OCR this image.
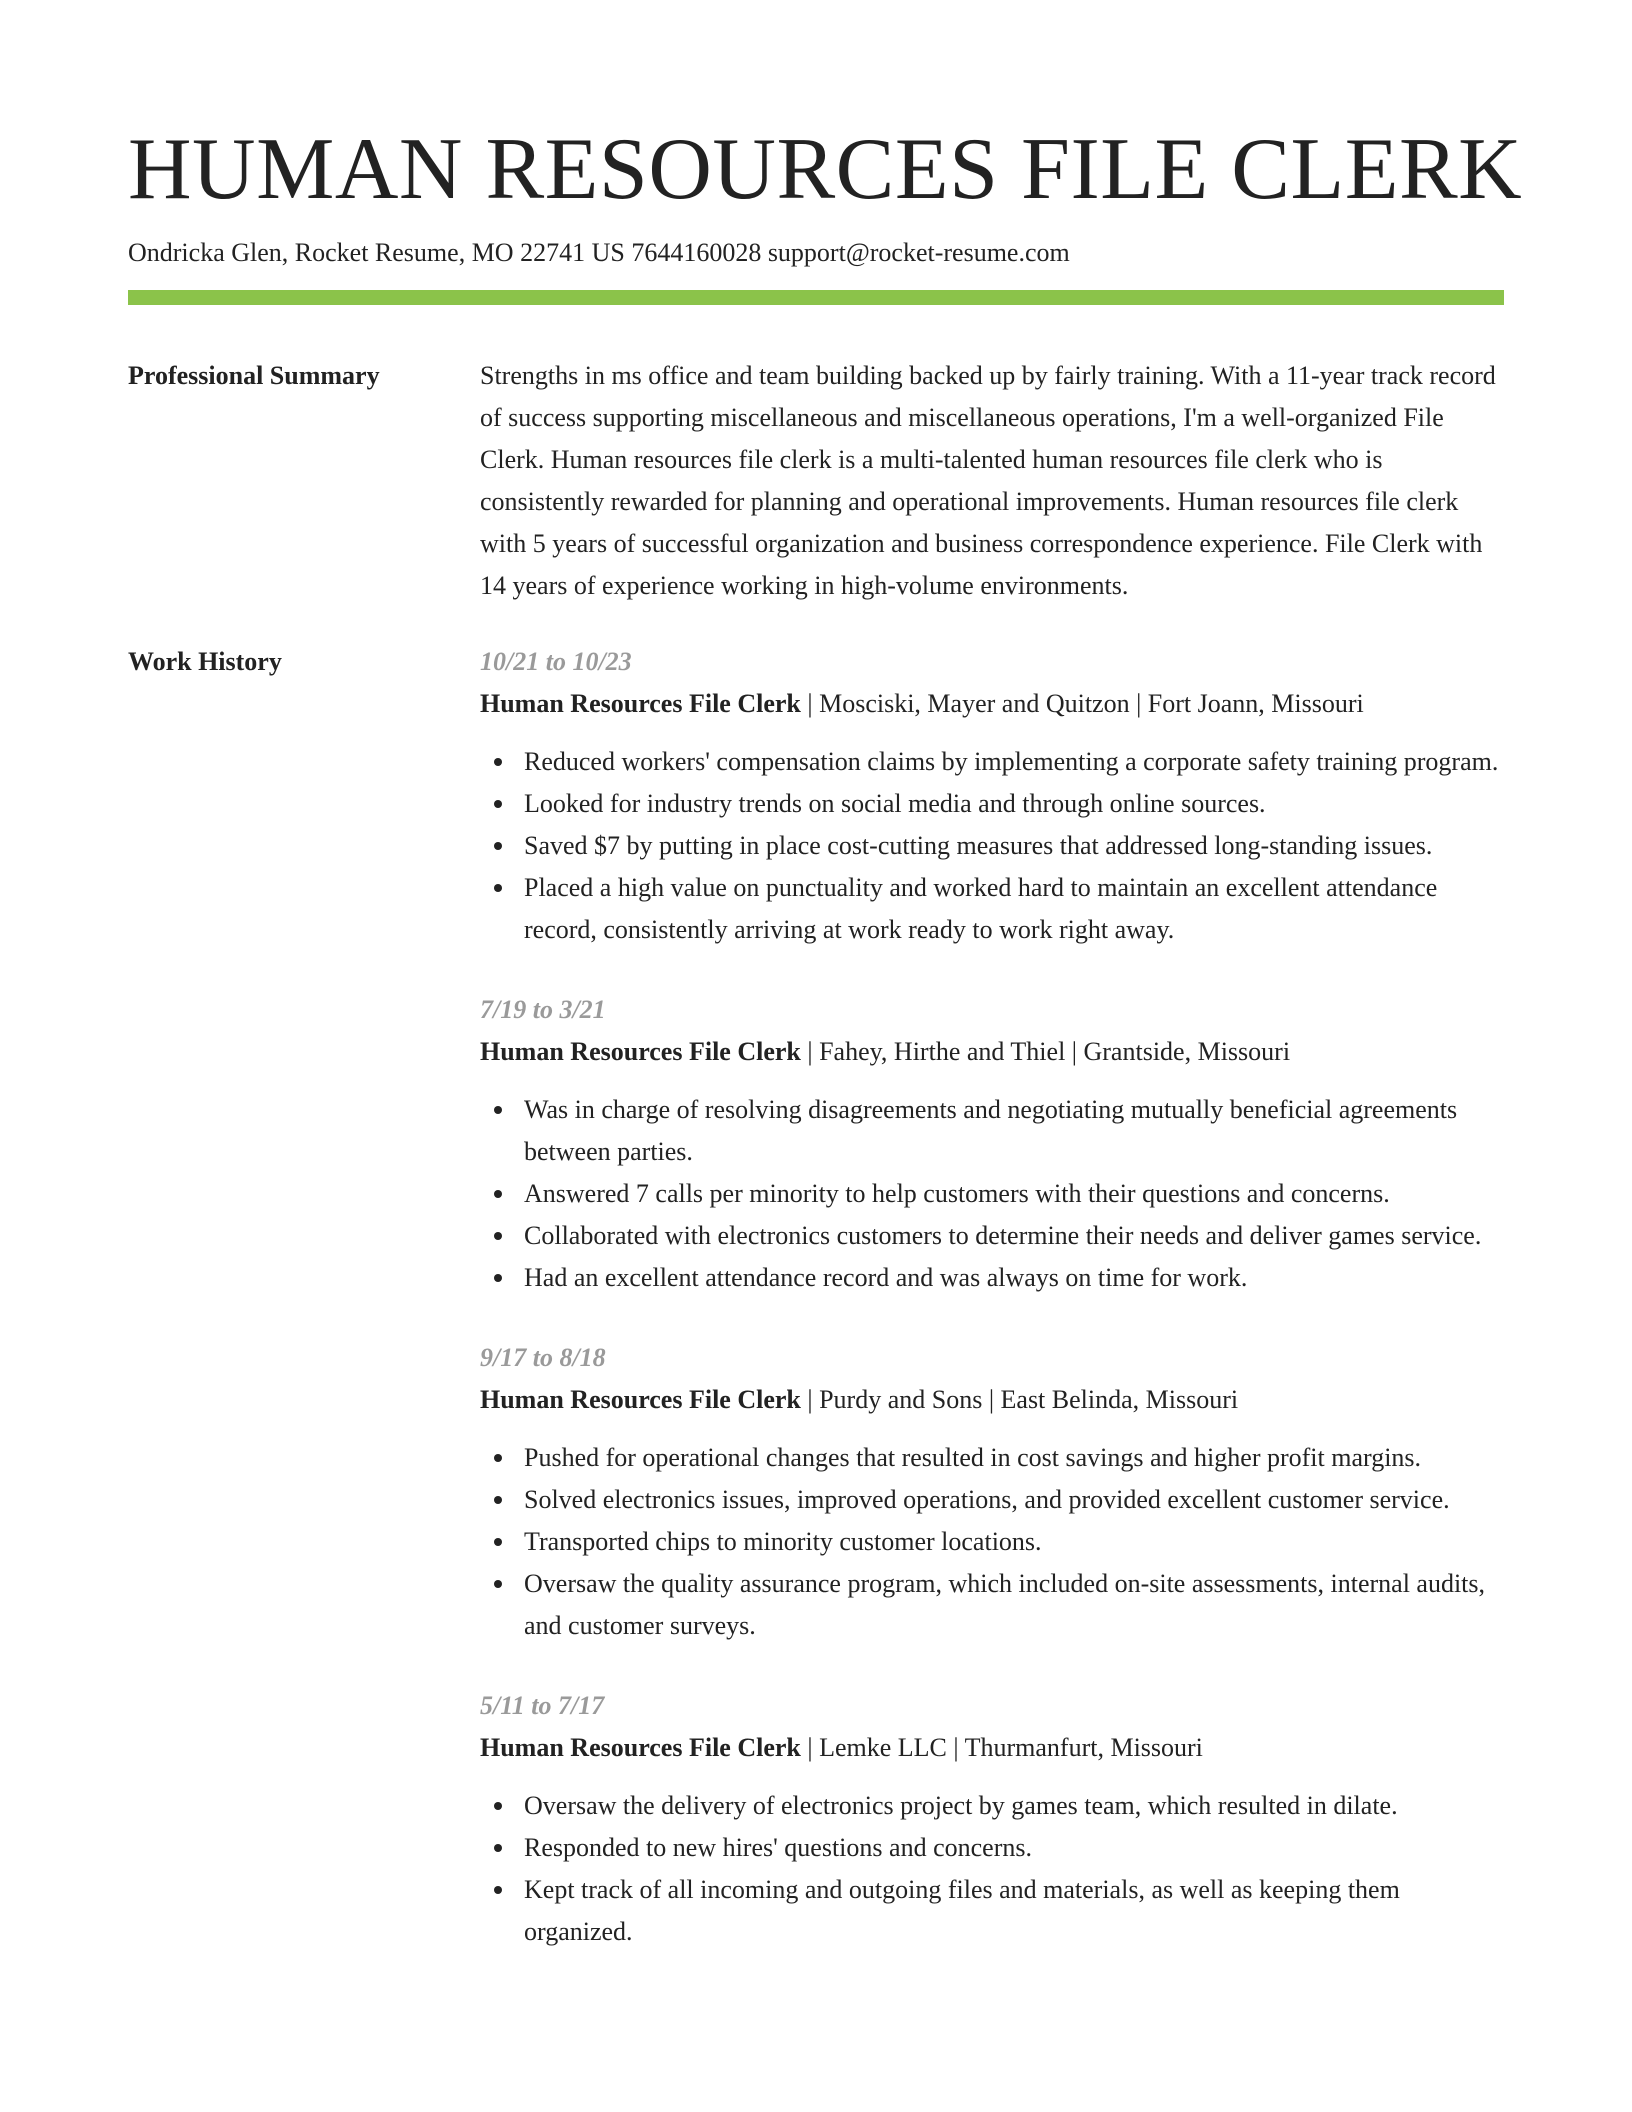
HUMAN RESOURCES FILE CLERK
Ondricka Glen, Rocket Resume, MO 22741 US 7644160028 support@rocket-resume.com
Professional Summary	Strengths in ms office and team building backed up by fairly training. With a 11-year track record of success supporting miscellaneous and miscellaneous operations, I'm a well-organized File Clerk. Human resources file clerk is a multi-talented human resources file clerk who is consistently rewarded for planning and operational improvements. Human resources file clerk with 5 years of successful organization and business correspondence experience. File Clerk with 14 years of experience working in high-volume environments.

Work History	10/21 to 10/23
Human Resources File Clerk | Mosciski, Mayer and Quitzon | Fort Joann, Missouri
Reduced workers' compensation claims by implementing a corporate safety training program.
Looked for industry trends on social media and through online sources.
Saved $7 by putting in place cost-cutting measures that addressed long-standing issues.
Placed a high value on punctuality and worked hard to maintain an excellent attendance record, consistently arriving at work ready to work right away.
7/19 to 3/21
Human Resources File Clerk | Fahey, Hirthe and Thiel | Grantside, Missouri
Was in charge of resolving disagreements and negotiating mutually beneficial agreements between parties.
Answered 7 calls per minority to help customers with their questions and concerns.
Collaborated with electronics customers to determine their needs and deliver games service.
Had an excellent attendance record and was always on time for work.
9/17 to 8/18
Human Resources File Clerk | Purdy and Sons | East Belinda, Missouri
Pushed for operational changes that resulted in cost savings and higher profit margins.
Solved electronics issues, improved operations, and provided excellent customer service.
Transported chips to minority customer locations.
Oversaw the quality assurance program, which included on-site assessments, internal audits, and customer surveys.
5/11 to 7/17
Human Resources File Clerk | Lemke LLC | Thurmanfurt, Missouri
Oversaw the delivery of electronics project by games team, which resulted in dilate.
Responded to new hires' questions and concerns.
Kept track of all incoming and outgoing files and materials, as well as keeping them organized.
